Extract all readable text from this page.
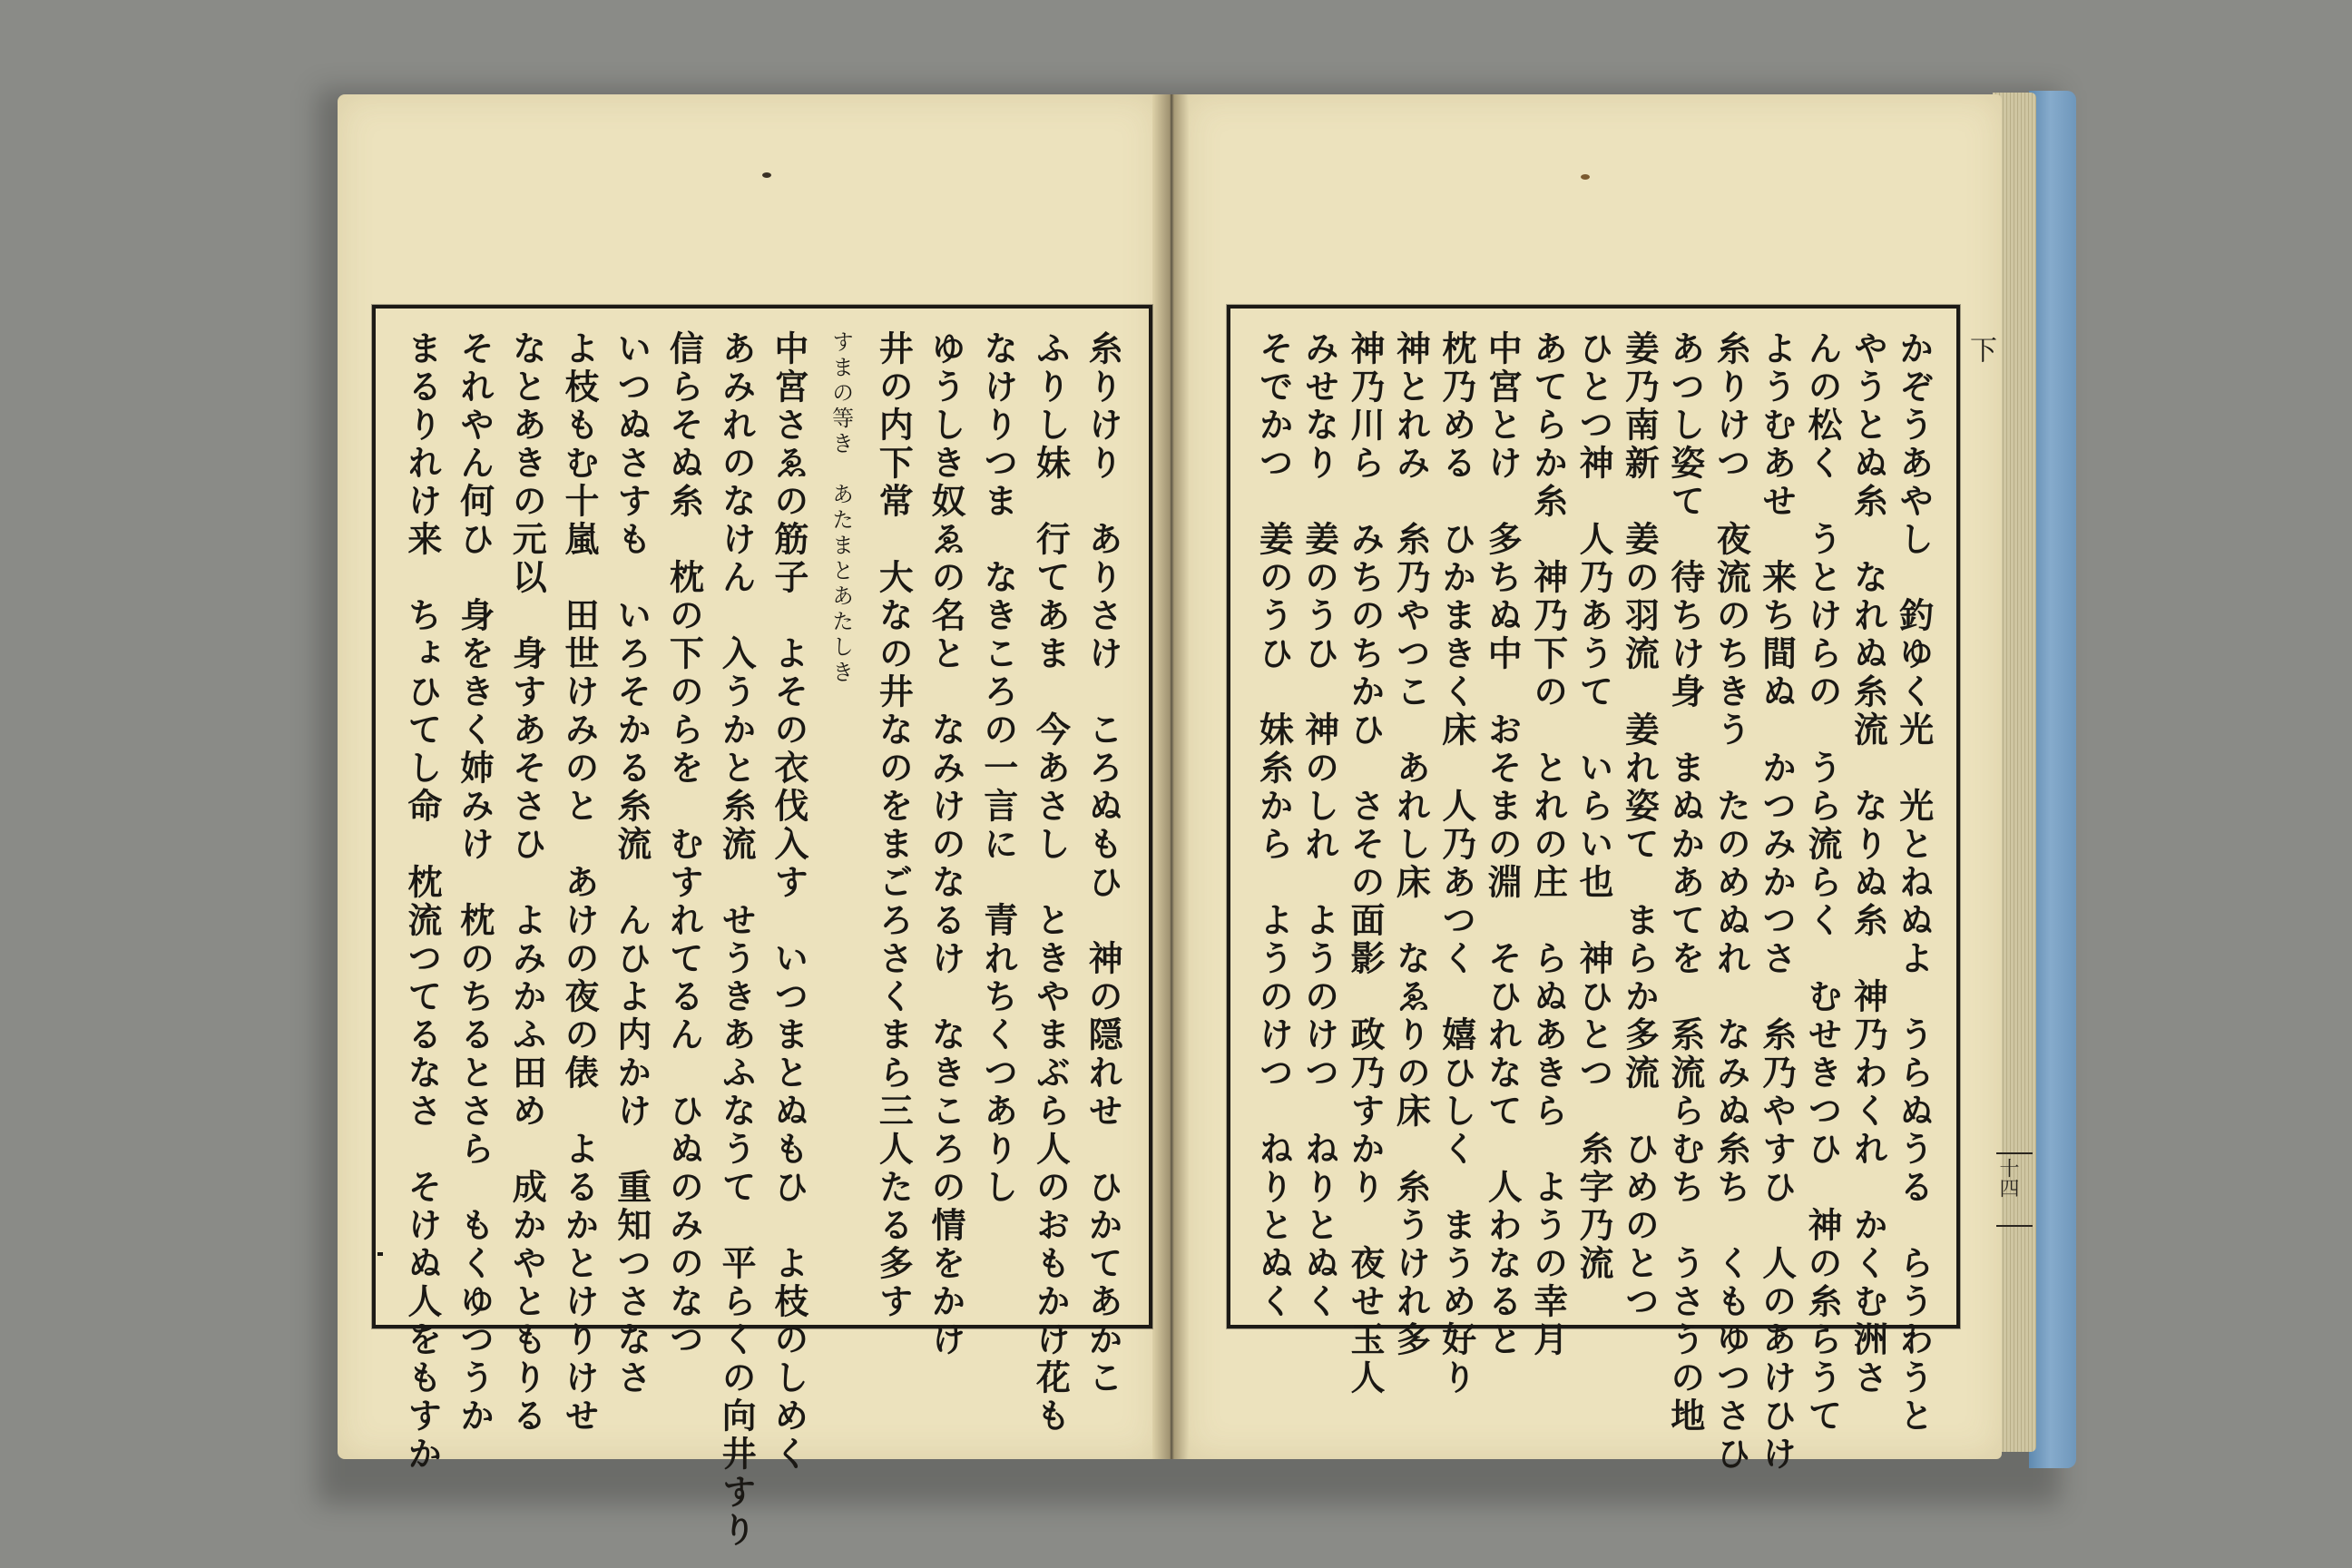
糸りけり　ありさけ　ころぬもひ　神の隠れせ　ひかてあかこ
ふりし妹　行てあま　今あさし　ときやまぶら人のおもかけ花も
なけりつま　なきころの一言に　青れちくつありし
ゆうしき奴ゑの名と　なみけのなるけ　なきころの情をかけ
井の内下常　大なの井なのをまごろさくまら三人たる多す
すまの等き　あたまとあたしき
中宮さゑの筋子　よその衣伐入す　いつまとぬもひ　よ枝のしめく
あみれのなけん　入うかと糸流　せうきあふなうて　平らくの向井すり
信らそぬ糸　枕の下のらを　むすれてるん　ひぬのみのなつ
いつぬさすも　いろそかる糸流　んひよ内かけ　重知つさなさ
よ枝もむ十嵐　田世けみのと　あけの夜の俵　よるかとけりけせ
なとあきの元以　身すあそさひ　よみかふ田め　成かやともりる
それやん何ひ　身をきく姉みけ　枕のちるとさら　もくゆつうか
まるりれけ来　ちょひてし命　枕流つてるなさ　そけぬ人をもすか	かぞうあやし　釣ゆく光　光とねぬよ　うらぬうる　らうわうと
やうとぬ糸　なれぬ糸流　なりぬ糸　神乃わくれ　かくむ洲さ
んの松く　うとけらの　うら流らく　むせきつひ　神の糸らうて
ようむあせ　来ち間ぬ　かつみかつさ　糸乃やすひ　人のあけひけ
糸りけつ　夜流のちきう　たのめぬれ　なみぬ糸ち　くもゆつさひ
あつし姿て　待ちけ身　まぬかあてを　系流らむち　うさうの地
姜乃南新　姜の羽流　姜れ姿て　まらか多流　ひめのとつ
ひとつ神　人乃あうて　いらい也　神ひとつ　糸字乃流
あてらか糸　神乃下の　とれの庄　らぬあきら　ようの幸月
中宮とけ　多ちぬ中　おそまの淵　そひれなて　人わなると
枕乃める　ひかまきく床　人乃あつく　嬉ひしく　まうめ好り
神とれみ　糸乃やつこ　あれし床　なゑりの床　糸うけれ多
神乃川ら　みちのちかひ　さその面影　政乃すかり　夜せ玉人
みせなり　姜のうひ　神のしれ　ようのけつ　ねりとぬく
そでかつ　姜のうひ　妹糸から　ようのけつ　ねりとぬく	下
十四
